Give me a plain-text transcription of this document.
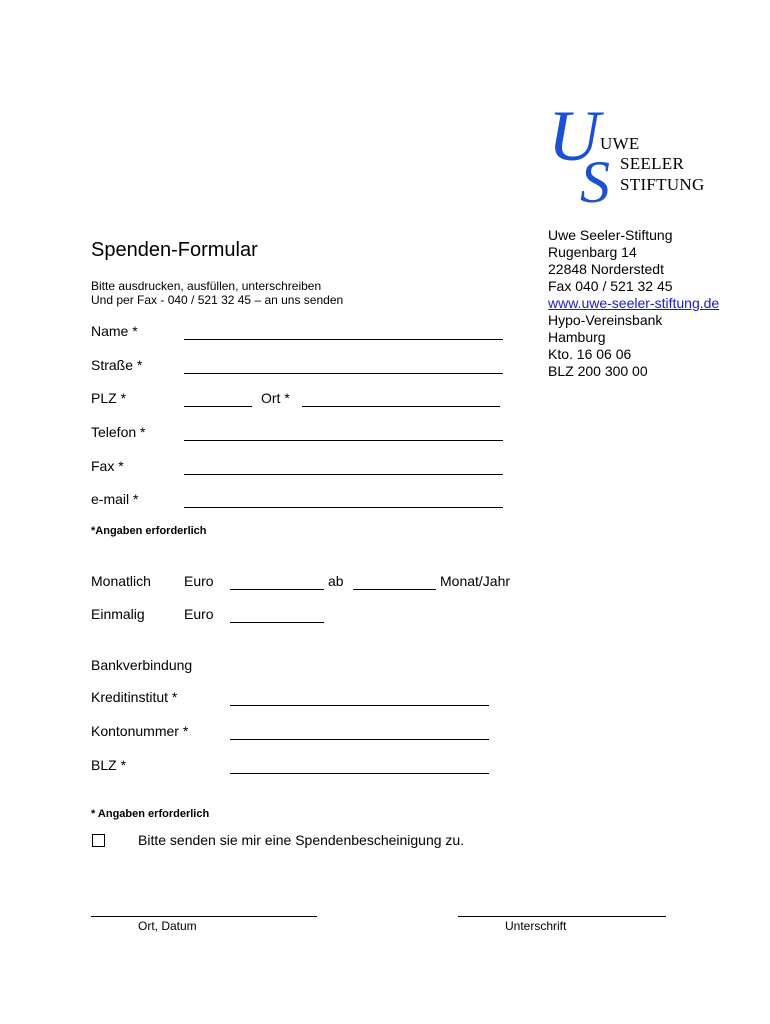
U
S
UWE
SEELER
STIFTUNG
Uwe Seeler-Stiftung
Rugenbarg 14
22848 Norderstedt
Fax 040 / 521 32 45
www.uwe-seeler-stiftung.de
Hypo-Vereinsbank
Hamburg
Kto. 16 06 06
BLZ 200 300 00
Spenden-Formular
Bitte ausdrucken, ausfüllen, unterschreiben
Und per Fax - 040 / 521 32 45 – an uns senden
Name *
Straße *
PLZ *	Ort *
Telefon *
Fax *
e-mail *
*Angaben erforderlich
Monatlich Euro	ab	Monat/Jahr
Einmalig	Euro
Bankverbindung
Kreditinstitut *
Kontonummer *
BLZ *
* Angaben erforderlich
Bitte senden sie mir eine Spendenbescheinigung zu.
Ort, Datum	Unterschrift
